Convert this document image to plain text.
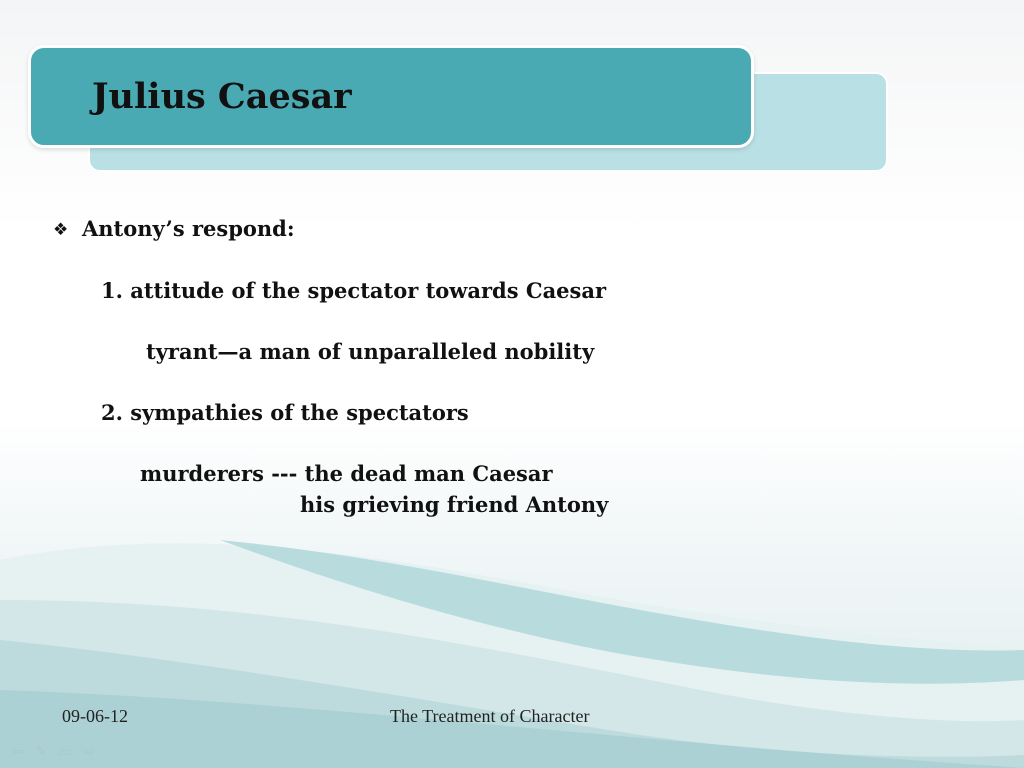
Julius Caesar
❖ Antony’s respond:

1. attitude of the spectator towards Caesar

tyrant—a man of unparalleled nobility

2. sympathies of the spectators

murderers --- the dead man Caesar

his grieving friend Antony

09-06-12	The Treatment of Character
⇦ ✎ ▭ ⇨
